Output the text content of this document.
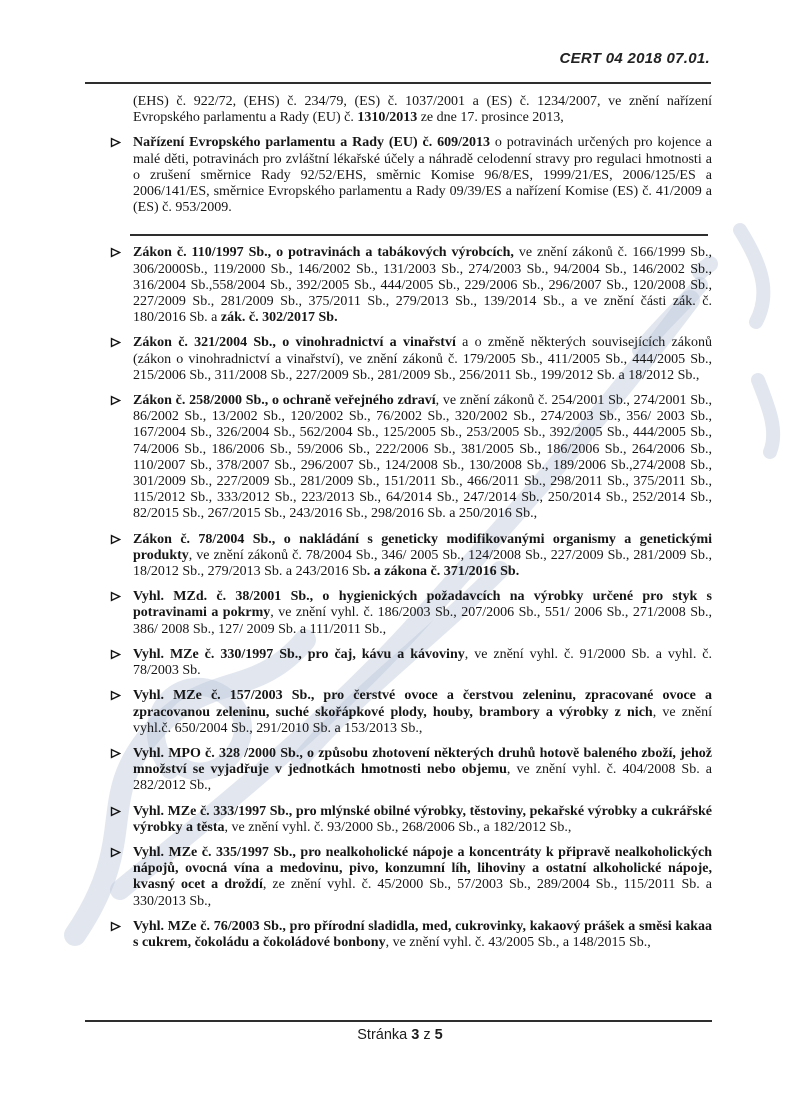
CERT 04 2018 07.01.

(EHS) č. 922/72, (EHS) č. 234/79, (ES) č. 1037/2001 a (ES) č. 1234/2007, ve znění nařízení Evropského parlamentu a Rady (EU) č. 1310/2013 ze dne 17. prosince 2013,

Nařízení Evropského parlamentu a Rady (EU) č. 609/2013 o potravinách určených pro kojence a malé děti, potravinách pro zvláštní lékařské účely a náhradě celodenní stravy pro regulaci hmotnosti a o zrušení směrnice Rady 92/52/EHS, směrnic Komise 96/8/ES, 1999/21/ES, 2006/125/ES a 2006/141/ES, směrnice Evropského parlamentu a Rady 09/39/ES a nařízení Komise (ES) č. 41/2009 a (ES) č. 953/2009.

Zákon č. 110/1997 Sb., o potravinách a tabákových výrobcích, ve znění zákonů č. 166/1999 Sb., 306/2000Sb., 119/2000 Sb., 146/2002 Sb., 131/2003 Sb., 274/2003 Sb., 94/2004 Sb., 146/2002 Sb., 316/2004 Sb.,558/2004 Sb., 392/2005 Sb., 444/2005 Sb., 229/2006 Sb., 296/2007 Sb., 120/2008 Sb., 227/2009 Sb., 281/2009 Sb., 375/2011 Sb., 279/2013 Sb., 139/2014 Sb., a ve znění části zák. č. 180/2016 Sb. a zák. č. 302/2017 Sb.

Zákon č. 321/2004 Sb., o vinohradnictví a vinařství a o změně některých souvisejících zákonů (zákon o vinohradnictví a vinařství), ve znění zákonů č. 179/2005 Sb., 411/2005 Sb., 444/2005 Sb., 215/2006 Sb., 311/2008 Sb., 227/2009 Sb., 281/2009 Sb., 256/2011 Sb., 199/2012 Sb. a 18/2012 Sb.,

Zákon č. 258/2000 Sb., o ochraně veřejného zdraví, ve znění zákonů č. 254/2001 Sb., 274/2001 Sb., 86/2002 Sb., 13/2002 Sb., 120/2002 Sb., 76/2002 Sb., 320/2002 Sb., 274/2003 Sb., 356/ 2003 Sb., 167/2004 Sb., 326/2004 Sb., 562/2004 Sb., 125/2005 Sb., 253/2005 Sb., 392/2005 Sb., 444/2005 Sb., 74/2006 Sb., 186/2006 Sb., 59/2006 Sb., 222/2006 Sb., 381/2005 Sb., 186/2006 Sb., 264/2006 Sb., 110/2007 Sb., 378/2007 Sb., 296/2007 Sb., 124/2008 Sb., 130/2008 Sb., 189/2006 Sb.,274/2008 Sb., 301/2009 Sb., 227/2009 Sb., 281/2009 Sb., 151/2011 Sb., 466/2011 Sb., 298/2011 Sb., 375/2011 Sb., 115/2012 Sb., 333/2012 Sb., 223/2013 Sb., 64/2014 Sb., 247/2014 Sb., 250/2014 Sb., 252/2014 Sb., 82/2015 Sb., 267/2015 Sb., 243/2016 Sb., 298/2016 Sb. a 250/2016 Sb.,

Zákon č. 78/2004 Sb., o nakládání s geneticky modifikovanými organismy a genetickými produkty, ve znění zákonů č. 78/2004 Sb., 346/ 2005 Sb., 124/2008 Sb., 227/2009 Sb., 281/2009 Sb., 18/2012 Sb., 279/2013 Sb. a 243/2016 Sb. a zákona č. 371/2016 Sb.

Vyhl. MZd. č. 38/2001 Sb., o hygienických požadavcích na výrobky určené pro styk s potravinami a pokrmy, ve znění vyhl. č. 186/2003 Sb., 207/2006 Sb., 551/ 2006 Sb., 271/2008 Sb., 386/ 2008 Sb., 127/ 2009 Sb. a 111/2011 Sb.,

Vyhl. MZe č. 330/1997 Sb., pro čaj, kávu a kávoviny, ve znění vyhl. č. 91/2000 Sb. a vyhl. č. 78/2003 Sb.

Vyhl. MZe č. 157/2003 Sb., pro čerstvé ovoce a čerstvou zeleninu, zpracované ovoce a zpracovanou zeleninu, suché skořápkové plody, houby, brambory a výrobky z nich, ve znění vyhl.č. 650/2004 Sb., 291/2010 Sb. a 153/2013 Sb.,

Vyhl. MPO č. 328 /2000 Sb., o způsobu zhotovení některých druhů hotově baleného zboží, jehož množství se vyjadřuje v jednotkách hmotnosti nebo objemu, ve znění vyhl. č. 404/2008 Sb. a 282/2012 Sb.,

Vyhl. MZe č. 333/1997 Sb., pro mlýnské obilné výrobky, těstoviny, pekařské výrobky a cukrářské výrobky a těsta, ve znění vyhl. č. 93/2000 Sb., 268/2006 Sb., a 182/2012 Sb.,

Vyhl. MZe č. 335/1997 Sb., pro nealkoholické nápoje a koncentráty k připravě nealkoholických nápojů, ovocná vína a medovinu, pivo, konzumní líh, lihoviny a ostatní alkoholické nápoje, kvasný ocet a droždí, ze znění vyhl. č. 45/2000 Sb., 57/2003 Sb., 289/2004 Sb., 115/2011 Sb. a 330/2013 Sb.,

Vyhl. MZe č. 76/2003 Sb., pro přírodní sladidla, med, cukrovinky, kakaový prášek a směsi kakaa s cukrem, čokoládu a čokoládové bonbony, ve znění vyhl. č. 43/2005 Sb., a 148/2015 Sb.,

Stránka 3 z 5
